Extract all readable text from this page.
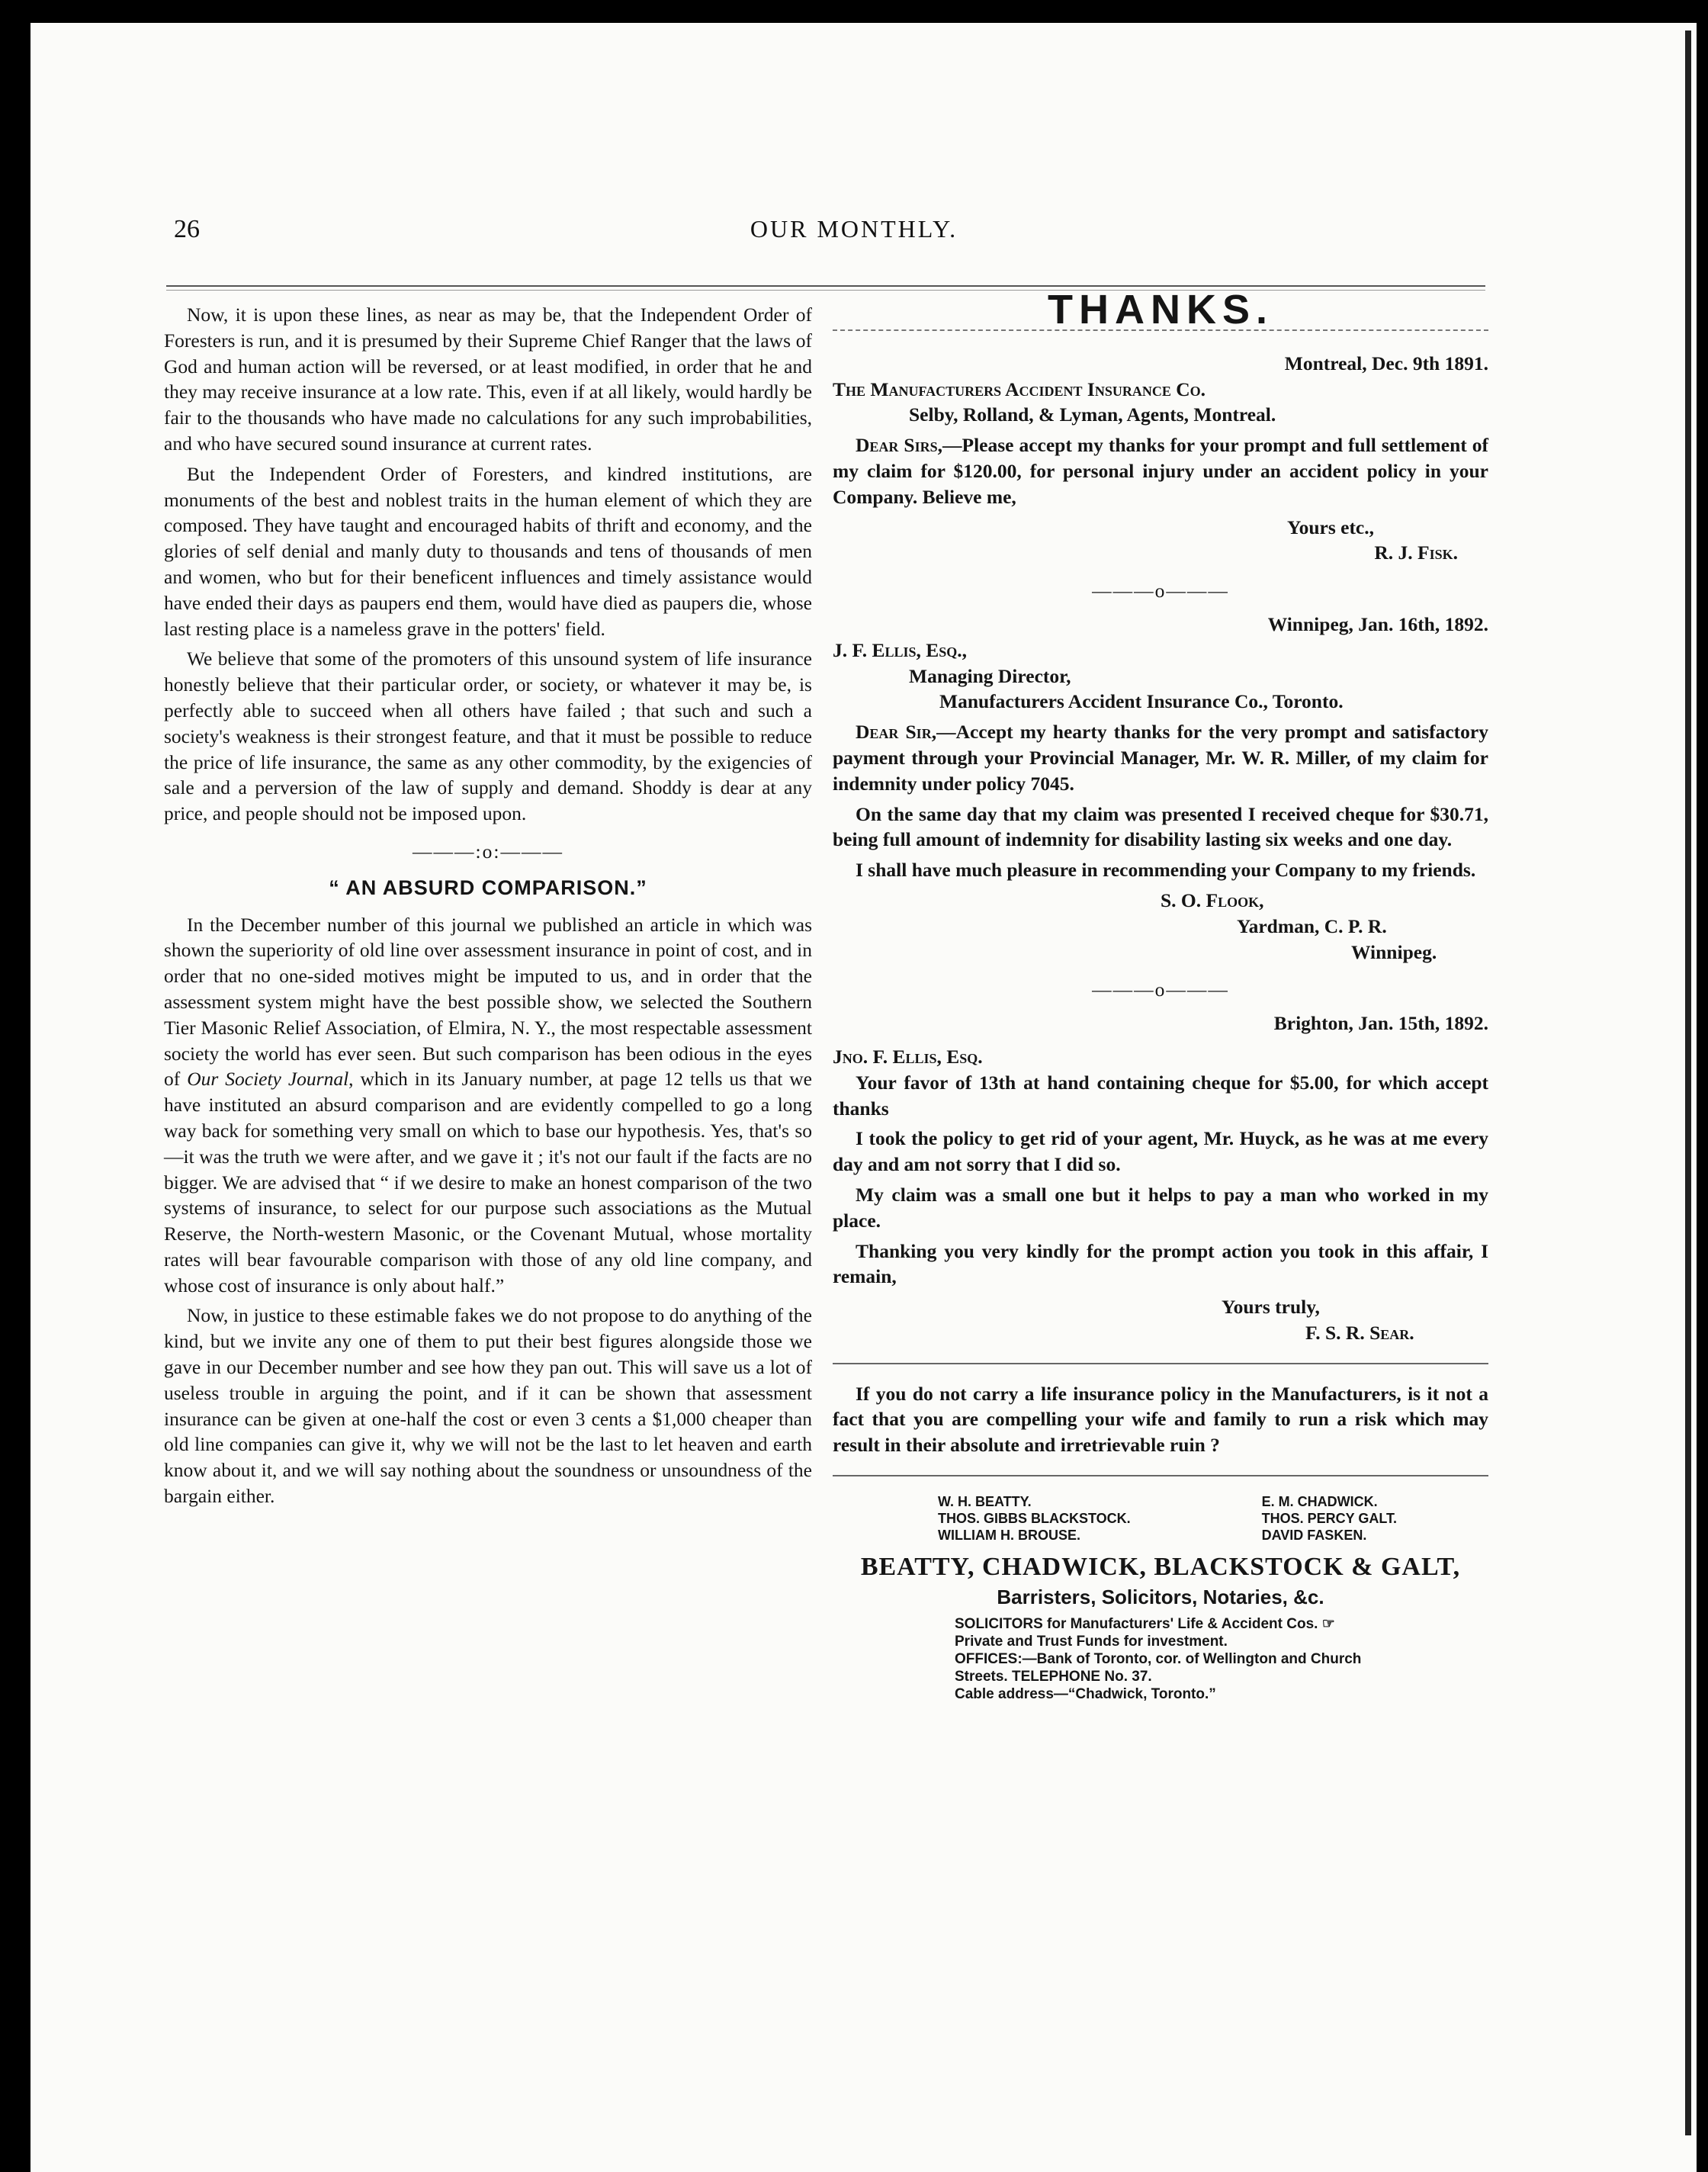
26	OUR MONTHLY.

Now, it is upon these lines, as near as may be, that the Independent Order of Foresters is run, and it is presumed by their Supreme Chief Ranger that the laws of God and human action will be reversed, or at least modified, in order that he and they may receive insurance at a low rate. This, even if at all likely, would hardly be fair to the thousands who have made no calculations for any such improbabilities, and who have secured sound insurance at current rates.

But the Independent Order of Foresters, and kindred institutions, are monuments of the best and noblest traits in the human element of which they are composed. They have taught and encouraged habits of thrift and economy, and the glories of self denial and manly duty to thousands and tens of thousands of men and women, who but for their beneficent influences and timely assistance would have ended their days as paupers end them, would have died as paupers die, whose last resting place is a nameless grave in the potters' field.

We believe that some of the promoters of this unsound system of life insurance honestly believe that their particular order, or society, or whatever it may be, is perfectly able to succeed when all others have failed ; that such and such a society's weakness is their strongest feature, and that it must be possible to reduce the price of life insurance, the same as any other commodity, by the exigencies of sale and a perversion of the law of supply and demand. Shoddy is dear at any price, and people should not be imposed upon.

———:o:———
“ AN ABSURD COMPARISON.”

In the December number of this journal we published an article in which was shown the superiority of old line over assessment insurance in point of cost, and in order that no one-sided motives might be imputed to us, and in order that the assessment system might have the best possible show, we selected the Southern Tier Masonic Relief Association, of Elmira, N. Y., the most respectable assessment society the world has ever seen. But such comparison has been odious in the eyes of Our Society Journal, which in its January number, at page 12 tells us that we have instituted an absurd comparison and are evidently compelled to go a long way back for something very small on which to base our hypothesis. Yes, that's so—it was the truth we were after, and we gave it ; it's not our fault if the facts are no bigger. We are advised that “ if we desire to make an honest comparison of the two systems of insurance, to select for our purpose such associations as the Mutual Reserve, the North-western Masonic, or the Covenant Mutual, whose mortality rates will bear favourable comparison with those of any old line company, and whose cost of insurance is only about half.”

Now, in justice to these estimable fakes we do not propose to do anything of the kind, but we invite any one of them to put their best figures alongside those we gave in our December number and see how they pan out. This will save us a lot of useless trouble in arguing the point, and if it can be shown that assessment insurance can be given at one-half the cost or even 3 cents a $1,000 cheaper than old line companies can give it, why we will not be the last to let heaven and earth know about it, and we will say nothing about the soundness or unsoundness of the bargain either.

THANKS.
Montreal, Dec. 9th 1891.
The Manufacturers Accident Insurance Co.
Selby, Rolland, & Lyman, Agents, Montreal.

Dear Sirs,—Please accept my thanks for your prompt and full settlement of my claim for $120.00, for personal injury under an accident policy in your Company. Believe me,

Yours etc.,
R. J. Fisk.
———o———
Winnipeg, Jan. 16th, 1892.
J. F. Ellis, Esq.,
Managing Director,
Manufacturers Accident Insurance Co., Toronto.

Dear Sir,—Accept my hearty thanks for the very prompt and satisfactory payment through your Provincial Manager, Mr. W. R. Miller, of my claim for indemnity under policy 7045.

On the same day that my claim was presented I received cheque for $30.71, being full amount of indemnity for disability lasting six weeks and one day.

I shall have much pleasure in recommending your Company to my friends.

S. O. Flook,
Yardman, C. P. R.
Winnipeg.
———o———
Brighton, Jan. 15th, 1892.
Jno. F. Ellis, Esq.

Your favor of 13th at hand containing cheque for $5.00, for which accept thanks

I took the policy to get rid of your agent, Mr. Huyck, as he was at me every day and am not sorry that I did so.

My claim was a small one but it helps to pay a man who worked in my place.

Thanking you very kindly for the prompt action you took in this affair, I remain,

Yours truly,
F. S. R. Sear.

If you do not carry a life insurance policy in the Manufacturers, is it not a fact that you are compelling your wife and family to run a risk which may result in their absolute and irretrievable ruin ?

W. H. BEATTY.
THOS. GIBBS BLACKSTOCK.
WILLIAM H. BROUSE.
E. M. CHADWICK.
THOS. PERCY GALT.
DAVID FASKEN.
BEATTY, CHADWICK, BLACKSTOCK & GALT,
Barristers, Solicitors, Notaries, &c.
SOLICITORS for Manufacturers' Life & Accident Cos. ☞ Private and Trust Funds for investment.
OFFICES:—Bank of Toronto, cor. of Wellington and Church Streets. TELEPHONE No. 37.
Cable address—“Chadwick, Toronto.”
